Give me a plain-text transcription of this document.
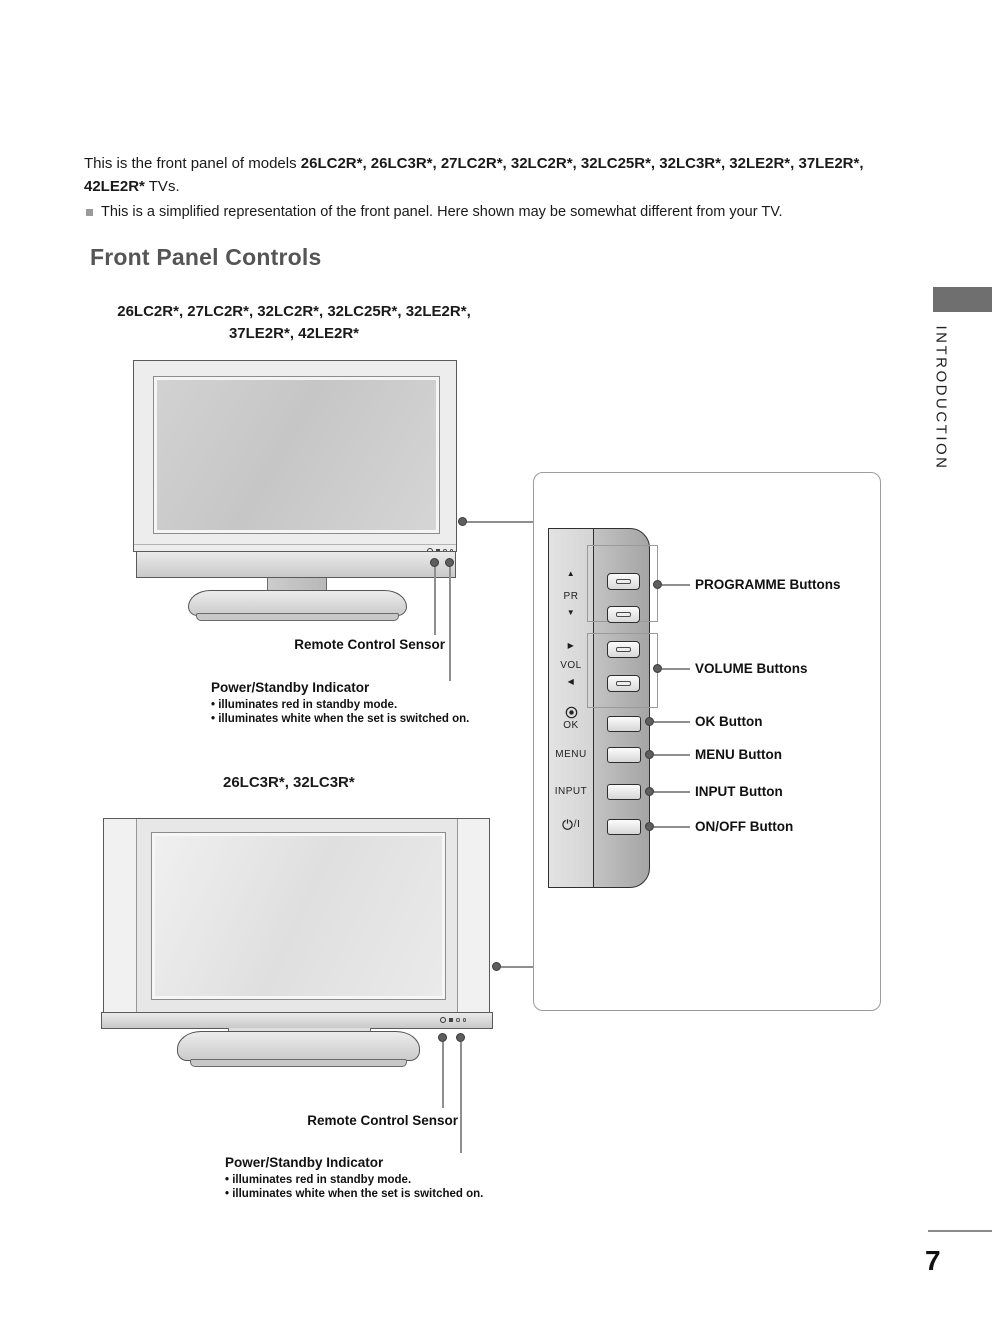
This is the front panel of models 26LC2R*, 26LC3R*, 27LC2R*, 32LC2R*, 32LC25R*, 32LC3R*, 32LE2R*, 37LE2R*, 42LE2R* TVs.
This is a simplified representation of the front panel. Here shown may be somewhat different from your TV.
Front Panel Controls
26LC2R*, 27LC2R*, 32LC2R*, 32LC25R*, 32LE2R*,
37LE2R*, 42LE2R*
Remote Control Sensor
Power/Standby Indicator
• illuminates red in standby mode.
• illuminates white when the set is switched on.
26LC3R*, 32LC3R*
Remote Control Sensor
Power/Standby Indicator
• illuminates red in standby mode.
• illuminates white when the set is switched on.
▲
PR
▼
▶
VOL
◀
OK
MENU
INPUT
/I
PROGRAMME Buttons
VOLUME Buttons
OK Button
MENU Button
INPUT Button
ON/OFF Button
INTRODUCTION
7
